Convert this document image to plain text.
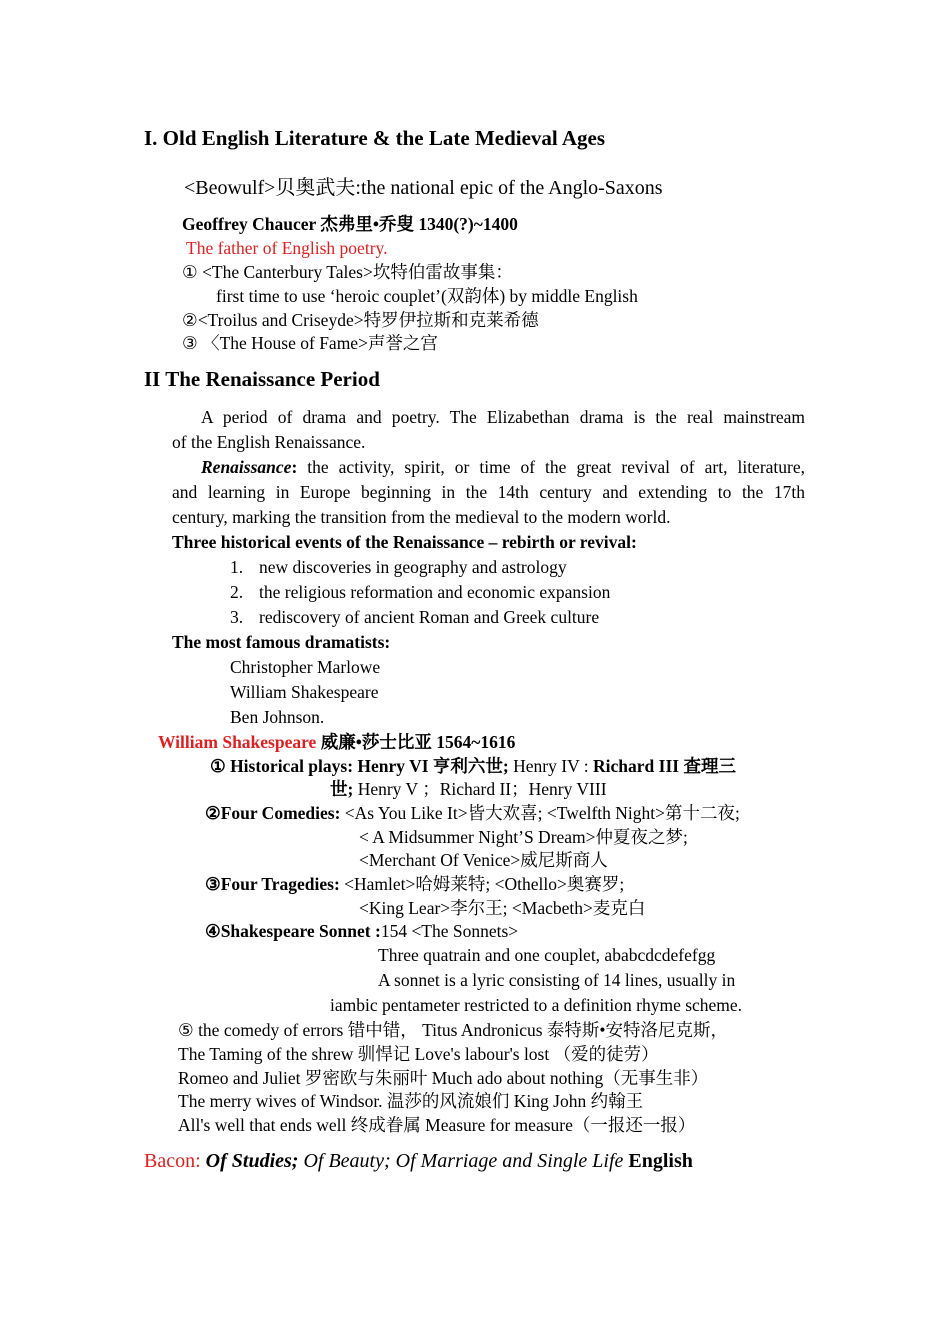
I. Old English Literature & the Late Medieval Ages
<Beowulf>贝奥武夫:the national epic of the Anglo-Saxons
Geoffrey Chaucer 杰弗里•乔叟 1340(?)~1400
The father of English poetry.
① <The Canterbury Tales>坎特伯雷故事集：
first time to use ‘heroic couplet’(双韵体) by middle English
②<Troilus and Criseyde>特罗伊拉斯和克莱希德
③ 〈The House of Fame>声誉之宫
II The Renaissance Period
A period of drama and poetry. The Elizabethan drama is the real mainstream
of the English Renaissance.
Renaissance: the activity, spirit, or time of the great revival of art, literature,
and learning in Europe beginning in the 14th century and extending to the 17th
century, marking the transition from the medieval to the modern world.
Three historical events of the Renaissance – rebirth or revival:
1. new discoveries in geography and astrology
2. the religious reformation and economic expansion
3. rediscovery of ancient Roman and Greek culture
The most famous dramatists:
Christopher Marlowe
William Shakespeare
Ben Johnson.
William Shakespeare 威廉•莎士比亚 1564~1616
① Historical plays: Henry VI 亨利六世; Henry IV : Richard III 查理三
世; Henry V ；Richard II；Henry VIII
②Four Comedies: <As You Like It>皆大欢喜; <Twelfth Night>第十二夜;
< A Midsummer Night’S Dream>仲夏夜之梦;
<Merchant Of Venice>威尼斯商人
③Four Tragedies: <Hamlet>哈姆莱特; <Othello>奥赛罗;
<King Lear>李尔王; <Macbeth>麦克白
④Shakespeare Sonnet :154 <The Sonnets>
Three quatrain and one couplet, ababcdcdefefgg
A sonnet is a lyric consisting of 14 lines, usually in
iambic pentameter restricted to a definition rhyme scheme.
⑤ the comedy of errors 错中错， Titus Andronicus 泰特斯•安特洛尼克斯，
The Taming of the shrew 驯悍记 Love's labour's lost （爱的徒劳）
Romeo and Juliet 罗密欧与朱丽叶 Much ado about nothing（无事生非）
The merry wives of Windsor. 温莎的风流娘们 King John 约翰王
All's well that ends well 终成眷属 Measure for measure（一报还一报）
Bacon: Of Studies; Of Beauty; Of Marriage and Single Life English
